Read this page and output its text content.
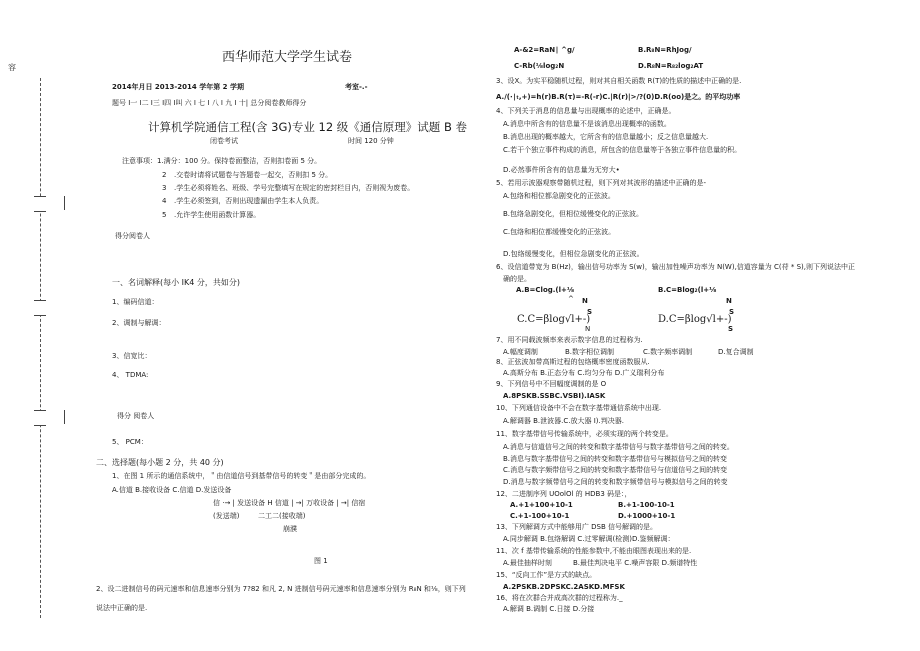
容
西华师范大学学生试卷
2014年月日 2013-2014 学年第 2 学期	考室-.-
题号 I一 I二 I三 I四 I叫 六 I 七 I 八 I 九 I 十| 总分阅卷教师得分
计算机学院通信工程(含 3G)专业 12 级《通信原理》试题 B 卷
闭卷考试	时间 120 分钟
注意事项：1.满分：100 分。保持卷面整洁，否则扣卷面 5 分。
2 .交卷时请将试题卷与答题卷一起交，否则扣 5 分。
3 .学生必须将姓名、班级、学号完整填写在规定的密封栏目内，否则视为废卷。
4 .学生必须签到，否则出现遗漏由学生本人负责。
5 .允许学生使用函数计算器。
得分阅卷人
一、名词解释(每小 IK4 分，共如分)
1、编码信道：
2、调制与解调：
3、信宽比：
4、 TDMA:
得分 阅卷人
5、 PCM：
二、选择题(每小题 2 分，共 40 分)
1、在图 1 所示的通信系统中，＂由信道信号到基带信号的转变＂是由部分完成的。
A.信道 B.接收设备 C.信道 D.发送设备
信 ·→ | 发送设备 H 信道 | →| 万收设备 | →| 信宿
(发送端)	二工二(接收端)
崩濮
图 1
2、设二进制信号的码元速率和信息速率分别为 7?82 和凡 2, N 进制信号码元速率和信息速率分别为 R₈N 和⅛，则下列
说法中正确的是.
A-&2=RaN∣ ^g/	B.R₈N=RhJog/
C-Rb(⅛log₂N	D.R₈N=R₈₂log₂AT
3、设X。为实平稳随机过程，则对其自相关函数 R(T)的性质的描述中正确的是.
A.∕(∙∣ₜ,+)=h(r)B.R(τ)=-R(-r)C.|R(r)|>/?(0)D.R(oo)是之。的平均功率
4、下列关于消息的信息量与出现概率的论述中，正确是。
A.消息中所含有的信息量不是该消息出现概率的函数。
B.消息出现的概率越大，它所含有的信息量越小；反之信息量越大.
C.若干个独立事件构成的消息，所包含的信息量等于各独立事件信息量的积。
D.必然事件所含有的信息量为无穷大•
5、若用示波器观察带随机过程，则下列对其波形的描述中正确的是-
A.包络和相位都急剧变化的正弦波。
B.包络急剧变化，但相位缓慢变化的正弦波。
C.包络和相位都缓慢变化的正弦波。
D.包络缓慢变化，但相位急剧变化的正弦波。
6、设信道带宽为 B(Hz)，输出信号功率为 S(w)，输出加性噪声功率为 N(W),信道容量为 C(苻 * S),则下列说法中正
确的是。
A.B=Clog.(l+⅛	B.C=Blog₂(l+⅛
^ N	N
S	S
C.C=βlog√l+-)	D.C=βlog√l+-)
N	S
7、用不同载波频率来表示数字信息的过程称为.
A.幅度调制	B.数字相位调制	C.数字频率调制	D.复合调制
8、正弦波加带高斯过程的包络概率密度函数服从.
A.高斯分布 B.正态分布 C.均匀分布 D.广义瑞利分布
9、下列信号中不回幅度调制的是 O
A.8PSKB.SSBC.VSBI).IASK
10、下列通信设备中不会在数字基带通信系统中出现.
A.解调器 B.泄波器.C.放大器 I).判决器.
11、数字基带信号传输系统中，必须实现的两个转变是。
A.消息与信道信号之间的转变和数字基带信号与数字基带信号之间的转变。
B.消息与数字基带信号之间的转变和数字基带信号与模拟信号之间的转变
C.消息与数字频带信号之间的转变和数字基带信号与信道信号之间的转变
D.消息与数字频带信号之间的转变和数字频带信号与模拟信号之间的转变
12、二进制序列 UOolOl 的 HDB3 码是：，
A.+1+100+10-1	B.+1-100-10-1
C.+1-100+10-1	D.+1000+10-1
13、下列解调方式中能够用广 DSB 信号解调的是。
A.同步解调 B.包络解调 C.过零解调(检测)D.鉴频解调：
11、次 f 基带传输系统的性能参数中,不能由眼图表现出来的是.
A.最佳抽样时刻	B.最佳判决电平 C.噪声容限 D.频谱特性
15、“反向工作”是方式的缺点。
A.2PSKB.2DPSKC.2ASKD.MFSK
16、将在次群合并成高次群的过程称为._
A.解调 B.调制 C.日接 D.分接
